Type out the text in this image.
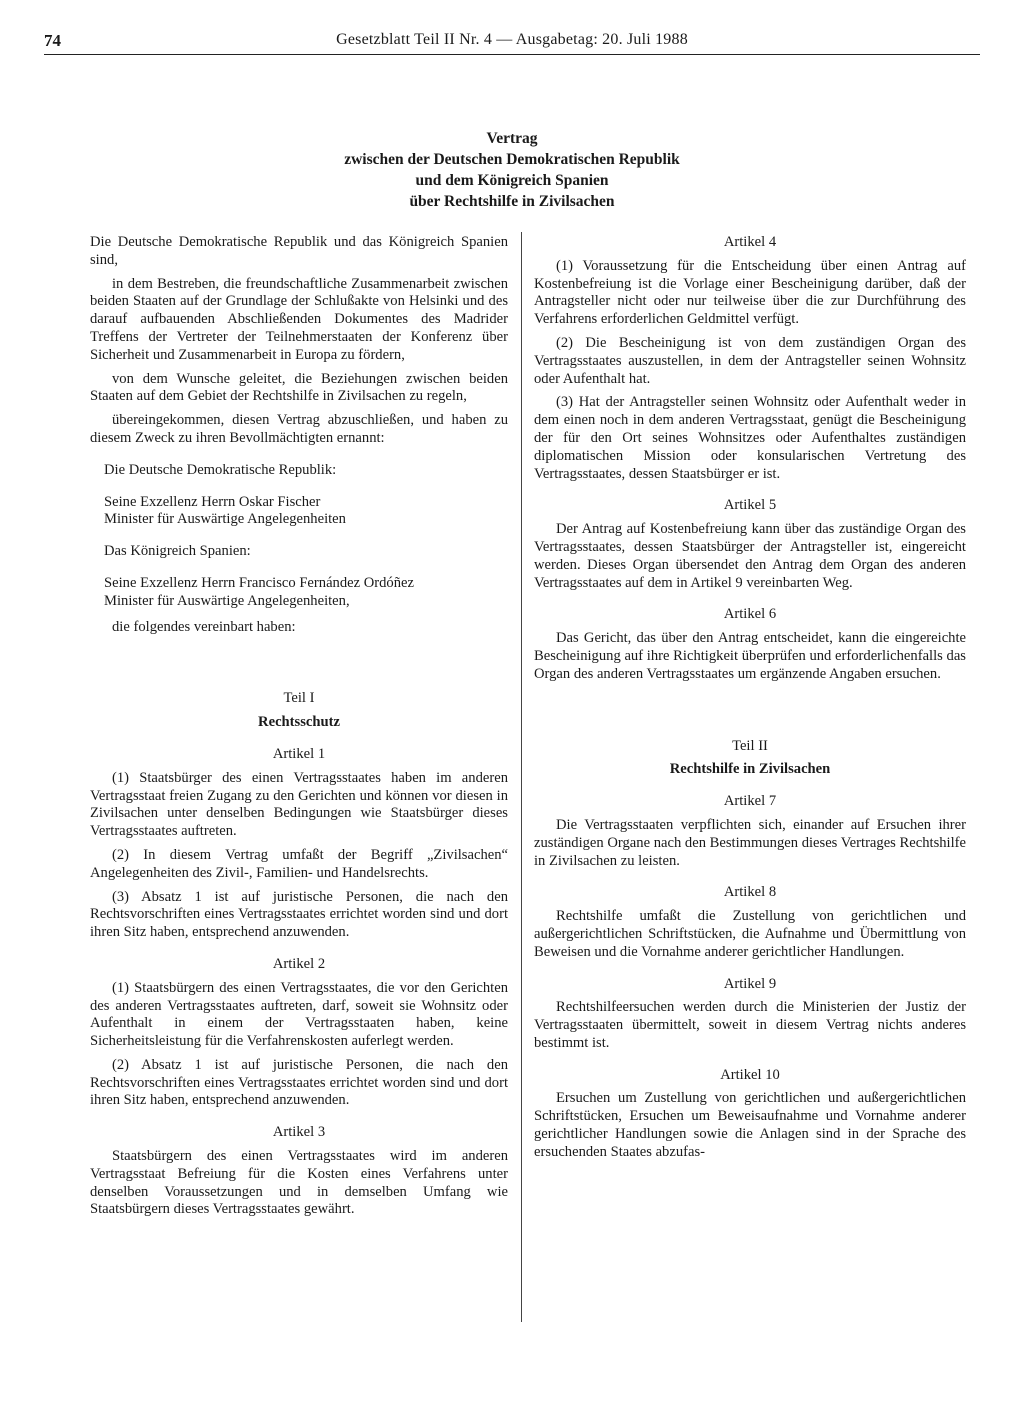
74	Gesetzblatt Teil II Nr. 4 — Ausgabetag: 20. Juli 1988
Vertrag
zwischen der Deutschen Demokratischen Republik
und dem Königreich Spanien
über Rechtshilfe in Zivilsachen

Die Deutsche Demokratische Republik und das Königreich Spanien sind,

in dem Bestreben, die freundschaftliche Zusammenarbeit zwischen beiden Staaten auf der Grundlage der Schlußakte von Helsinki und des darauf aufbauenden Abschließenden Dokumentes des Madrider Treffens der Vertreter der Teilnehmerstaaten der Konferenz über Sicherheit und Zusammenarbeit in Europa zu fördern,

von dem Wunsche geleitet, die Beziehungen zwischen beiden Staaten auf dem Gebiet der Rechtshilfe in Zivilsachen zu regeln,

übereingekommen, diesen Vertrag abzuschließen, und haben zu diesem Zweck zu ihren Bevollmächtigten ernannt:

Die Deutsche Demokratische Republik:
Seine Exzellenz Herrn Oskar Fischer
Minister für Auswärtige Angelegenheiten
Das Königreich Spanien:
Seine Exzellenz Herrn Francisco Fernández Ordóñez
Minister für Auswärtige Angelegenheiten,

die folgendes vereinbart haben:

Teil I
Rechtsschutz
Artikel 1

(1) Staatsbürger des einen Vertragsstaates haben im anderen Vertragsstaat freien Zugang zu den Gerichten und können vor diesen in Zivilsachen unter denselben Bedingungen wie Staatsbürger dieses Vertragsstaates auftreten.

(2) In diesem Vertrag umfaßt der Begriff „Zivilsachen“ Angelegenheiten des Zivil-, Familien- und Handelsrechts.

(3) Absatz 1 ist auf juristische Personen, die nach den Rechtsvorschriften eines Vertragsstaates errichtet worden sind und dort ihren Sitz haben, entsprechend anzuwenden.

Artikel 2

(1) Staatsbürgern des einen Vertragsstaates, die vor den Gerichten des anderen Vertragsstaates auftreten, darf, soweit sie Wohnsitz oder Aufenthalt in einem der Vertragsstaaten haben, keine Sicherheitsleistung für die Verfahrenskosten auferlegt werden.

(2) Absatz 1 ist auf juristische Personen, die nach den Rechtsvorschriften eines Vertragsstaates errichtet worden sind und dort ihren Sitz haben, entsprechend anzuwenden.

Artikel 3

Staatsbürgern des einen Vertragsstaates wird im anderen Vertragsstaat Befreiung für die Kosten eines Verfahrens unter denselben Voraussetzungen und in demselben Umfang wie Staatsbürgern dieses Vertragsstaates gewährt.

Artikel 4

(1) Voraussetzung für die Entscheidung über einen Antrag auf Kostenbefreiung ist die Vorlage einer Bescheinigung darüber, daß der Antragsteller nicht oder nur teilweise über die zur Durchführung des Verfahrens erforderlichen Geldmittel verfügt.

(2) Die Bescheinigung ist von dem zuständigen Organ des Vertragsstaates auszustellen, in dem der Antragsteller seinen Wohnsitz oder Aufenthalt hat.

(3) Hat der Antragsteller seinen Wohnsitz oder Aufenthalt weder in dem einen noch in dem anderen Vertragsstaat, genügt die Bescheinigung der für den Ort seines Wohnsitzes oder Aufenthaltes zuständigen diplomatischen Mission oder konsularischen Vertretung des Vertragsstaates, dessen Staatsbürger er ist.

Artikel 5

Der Antrag auf Kostenbefreiung kann über das zuständige Organ des Vertragsstaates, dessen Staatsbürger der Antragsteller ist, eingereicht werden. Dieses Organ übersendet den Antrag dem Organ des anderen Vertragsstaates auf dem in Artikel 9 vereinbarten Weg.

Artikel 6

Das Gericht, das über den Antrag entscheidet, kann die eingereichte Bescheinigung auf ihre Richtigkeit überprüfen und erforderlichenfalls das Organ des anderen Vertragsstaates um ergänzende Angaben ersuchen.

Teil II
Rechtshilfe in Zivilsachen
Artikel 7

Die Vertragsstaaten verpflichten sich, einander auf Ersuchen ihrer zuständigen Organe nach den Bestimmungen dieses Vertrages Rechtshilfe in Zivilsachen zu leisten.

Artikel 8

Rechtshilfe umfaßt die Zustellung von gerichtlichen und außergerichtlichen Schriftstücken, die Aufnahme und Übermittlung von Beweisen und die Vornahme anderer gerichtlicher Handlungen.

Artikel 9

Rechtshilfeersuchen werden durch die Ministerien der Justiz der Vertragsstaaten übermittelt, soweit in diesem Vertrag nichts anderes bestimmt ist.

Artikel 10

Ersuchen um Zustellung von gerichtlichen und außergerichtlichen Schriftstücken, Ersuchen um Beweisaufnahme und Vornahme anderer gerichtlicher Handlungen sowie die Anlagen sind in der Sprache des ersuchenden Staates abzufas-
